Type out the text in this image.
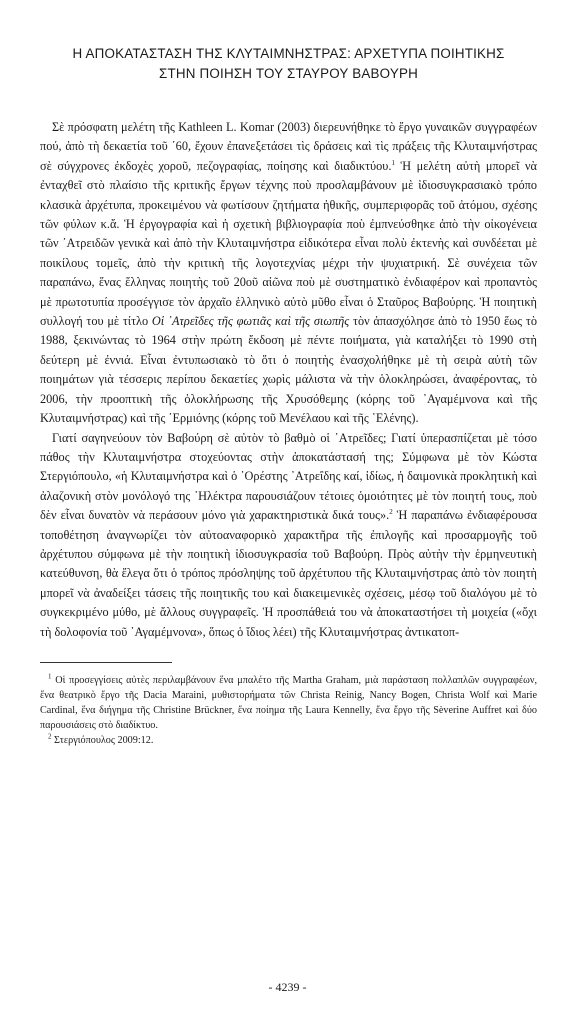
Η ΑΠΟΚΑΤΑΣΤΑΣΗ ΤΗΣ ΚΛΥΤΑΙΜΝΗΣΤΡΑΣ: ΑΡΧΕΤΥΠΑ ΠΟΙΗΤΙΚΗΣ
ΣΤΗΝ ΠΟΙΗΣΗ ΤΟΥ ΣΤΑΥΡΟΥ ΒΑΒΟΥΡΗ

Σὲ πρόσφατη μελέτη τῆς Kathleen L. Komar (2003) διερευνήθηκε τὸ ἔργο γυναικῶν συγγραφέων πού, ἀπὸ τὴ δεκαετία τοῦ ΄60, ἔχουν ἐπανεξετάσει τὶς δράσεις καὶ τὶς πράξεις τῆς Κλυταιμνήστρας σὲ σύγχρονες ἐκδοχὲς χοροῦ, πεζογραφίας, ποίησης καὶ διαδικτύου.$^1$ Ἡ μελέτη αὐτὴ μπορεῖ νὰ ἐνταχθεῖ στὸ πλαίσιο τῆς κριτικῆς ἔργων τέχνης ποὺ προσλαμβάνουν μὲ ἰδιοσυγκρασιακὸ τρόπο κλασικὰ ἀρχέτυπα, προκειμένου νὰ φωτίσουν ζητήματα ἠθικῆς, συμπεριφορᾶς τοῦ ἀτόμου, σχέσης τῶν φύλων κ.ἄ. Ἡ ἐργογραφία καὶ ἡ σχετικὴ βιβλιογραφία ποὺ ἐμπνεύσθηκε ἀπὸ τὴν οἰκογένεια τῶν ᾿Ατρειδῶν γενικὰ καὶ ἀπὸ τὴν Κλυταιμνήστρα εἰδικότερα εἶναι πολὺ ἐκτενὴς καὶ συνδέεται μὲ ποικίλους τομεῖς, ἀπὸ τὴν κριτικὴ τῆς λογοτεχνίας μέχρι τὴν ψυχιατρική. Σὲ συνέχεια τῶν παραπάνω, ἕνας ἕλληνας ποιητὴς τοῦ 20οῦ αἰῶνα ποὺ μὲ συστηματικὸ ἐνδιαφέρον καὶ προπαντὸς μὲ πρωτοτυπία προσέγγισε τὸν ἀρχαῖο ἑλληνικὸ αὐτὸ μῦθο εἶναι ὁ Σταῦρος Βαβούρης. Ἡ ποιητικὴ συλλογή του μὲ τίτλο Οἱ ᾿Ατρεῖδες τῆς φωτιᾶς καὶ τῆς σιωπῆς τὸν ἀπασχόλησε ἀπὸ τὸ 1950 ἕως τὸ 1988, ξεκινώντας τὸ 1964 στὴν πρώτη ἔκδοση μὲ πέντε ποιήματα, γιὰ καταλήξει τὸ 1990 στὴ δεύτερη μὲ ἐννιά. Εἶναι ἐντυπωσιακὸ τὸ ὅτι ὁ ποιητὴς ἐνασχολήθηκε μὲ τὴ σειρὰ αὐτὴ τῶν ποιημάτων γιὰ τέσσερις περίπου δεκαετίες χωρὶς μάλιστα νὰ τὴν ὁλοκληρώσει, ἀναφέροντας, τὸ 2006, τὴν προοπτικὴ τῆς ὁλοκλήρωσης τῆς Χρυσόθεμης (κόρης τοῦ ᾿Αγαμέμνονα καὶ τῆς Κλυταιμνήστρας) καὶ τῆς ῾Ερμιόνης (κόρης τοῦ Μενέλαου καὶ τῆς ῾Ελένης).

Γιατί σαγηνεύουν τὸν Βαβούρη σὲ αὐτὸν τὸ βαθμὸ οἱ ᾿Ατρεῖδες; Γιατί ὑπερασπίζεται μὲ τόσο πάθος τὴν Κλυταιμνήστρα στοχεύοντας στὴν ἀποκατάστασή της; Σύμφωνα μὲ τὸν Κώστα Στεργιόπουλο, «ἡ Κλυταιμνήστρα καὶ ὁ ᾿Ορέστης ᾿Ατρεΐδης καί, ἰδίως, ἡ δαιμονικὰ προκλητικὴ καὶ ἀλαζονικὴ στὸν μονόλογό της ᾿Ηλέκτρα παρουσιάζουν τέτοιες ὁμοιότητες μὲ τὸν ποιητή τους, ποὺ δὲν εἶναι δυνατὸν νὰ περάσουν μόνο γιὰ χαρακτηριστικὰ δικά τους».$^2$ Ἡ παραπάνω ἐνδιαφέρουσα τοποθέτηση ἀναγνωρίζει τὸν αὐτοαναφορικὸ χαρακτῆρα τῆς ἐπιλογῆς καὶ προσαρμογῆς τοῦ ἀρχέτυπου σύμφωνα μὲ τὴν ποιητικὴ ἰδιοσυγκρασία τοῦ Βαβούρη. Πρὸς αὐτὴν τὴν ἑρμηνευτικὴ κατεύθυνση, θὰ ἔλεγα ὅτι ὁ τρόπος πρόσληψης τοῦ ἀρχέτυπου τῆς Κλυταιμνήστρας ἀπὸ τὸν ποιητὴ μπορεῖ νὰ ἀναδείξει τάσεις τῆς ποιητικῆς του καὶ διακειμενικὲς σχέσεις, μέσῳ τοῦ διαλόγου μὲ τὸ συγκεκριμένο μύθο, μὲ ἄλλους συγγραφεῖς. Ἡ προσπάθειά του νὰ ἀποκαταστήσει τὴ μοιχεία («ὄχι τὴ δολοφονία τοῦ ᾿Αγαμέμνονα», ὅπως ὁ ἴδιος λέει) τῆς Κλυταιμνήστρας ἀντικατοπ-

$^1$ Οἱ προσεγγίσεις αὐτὲς περιλαμβάνουν ἕνα μπαλέτο τῆς Martha Graham, μιὰ παράσταση πολλαπλῶν συγγραφέων, ἕνα θεατρικὸ ἔργο τῆς Dacia Maraini, μυθιστορήματα τῶν Christa Reinig, Nancy Bogen, Christa Wolf καὶ Marie Cardinal, ἕνα διήγημα τῆς Christine Brückner, ἕνα ποίημα τῆς Laura Kennelly, ἕνα ἔργο τῆς Sèverine Auffret καὶ δύο παρουσιάσεις στὸ διαδίκτυο.

$^2$ Στεργιόπουλος 2009:12.

- 4239 -
